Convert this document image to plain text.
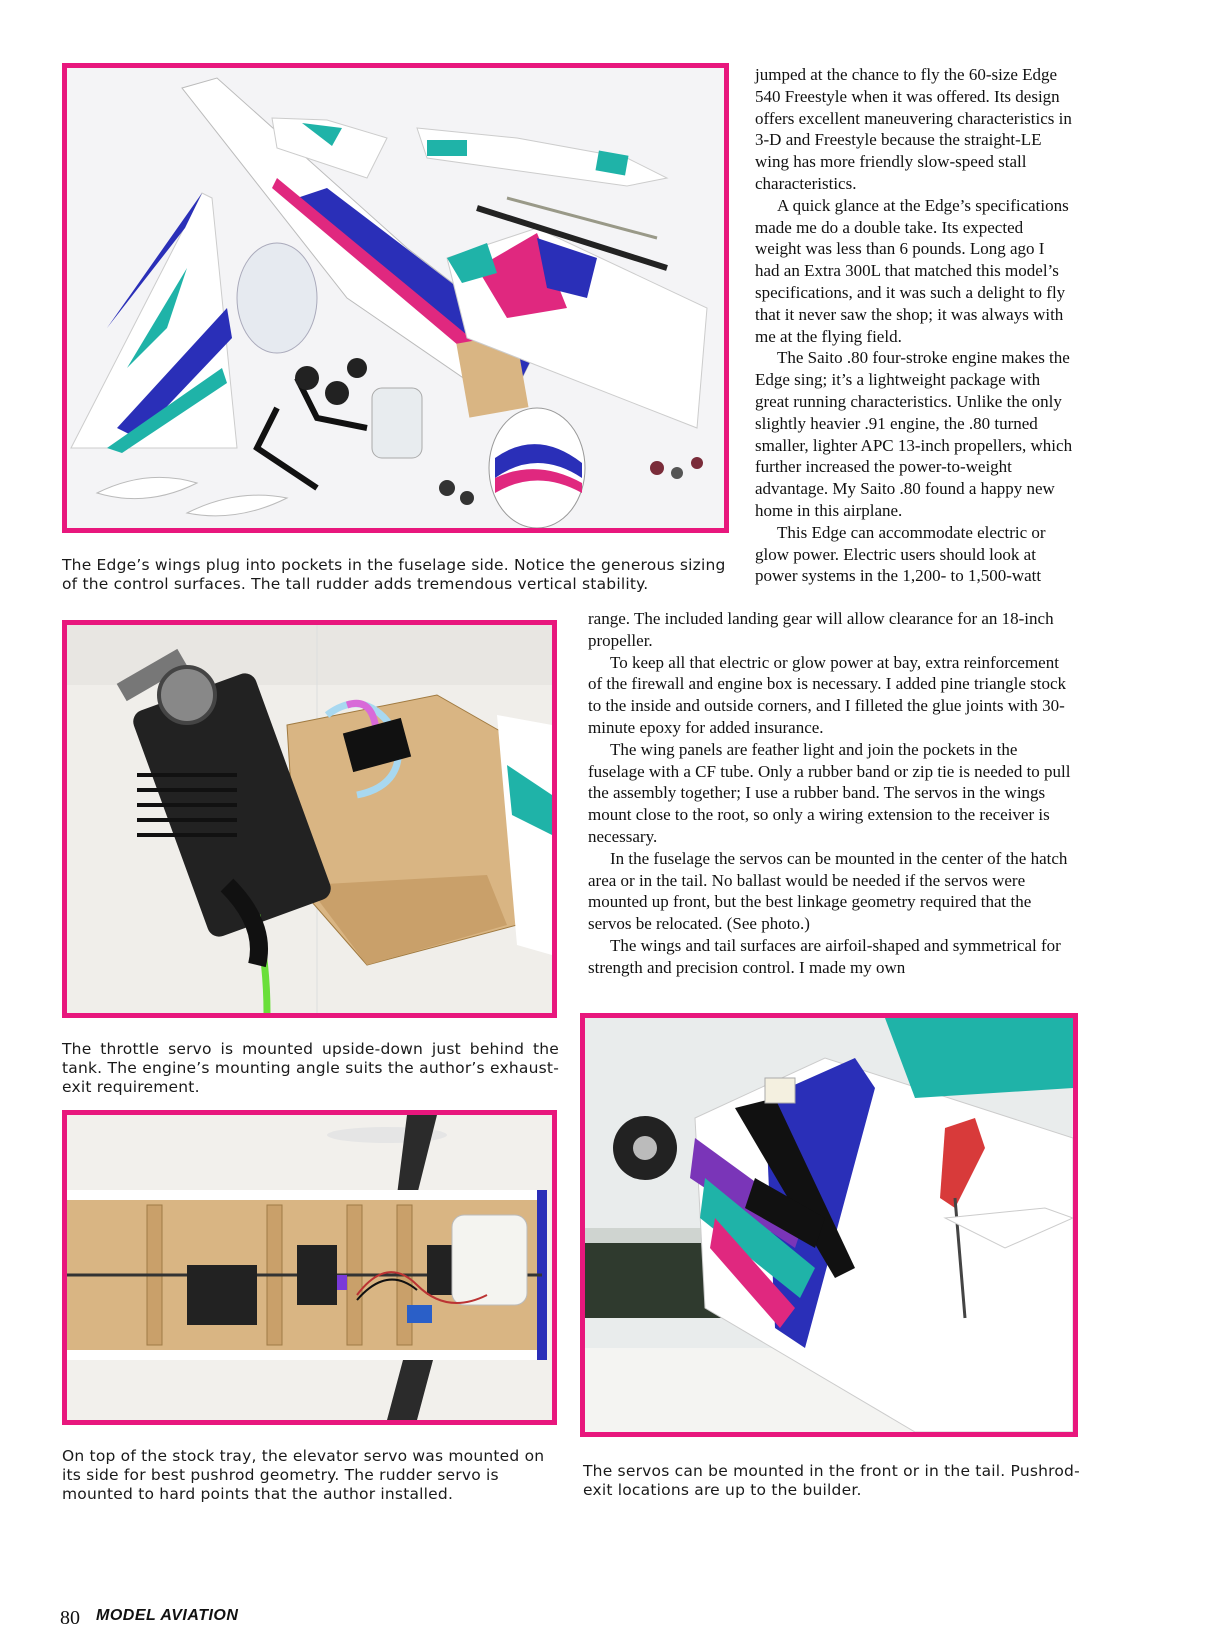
The Edge’s wings plug into pockets in the fuselage side. Notice the generous sizing of the control surfaces. The tall rudder adds tremendous vertical stability.
The throttle servo is mounted upside-down just behind the tank. The engine’s mounting angle suits the author’s exhaust-exit requirement.
On top of the stock tray, the elevator servo was mounted on its side for best pushrod geometry. The rudder servo is mounted to hard points that the author installed.
The servos can be mounted in the front or in the tail. Pushrod-exit locations are up to the builder.

jumped at the chance to fly the 60-size Edge 540 Freestyle when it was offered. Its design offers excellent maneuvering characteristics in 3-D and Freestyle because the straight-LE wing has more friendly slow-speed stall characteristics.

A quick glance at the Edge’s specifications made me do a double take. Its expected weight was less than 6 pounds. Long ago I had an Extra 300L that matched this model’s specifications, and it was such a delight to fly that it never saw the shop; it was always with me at the flying field.

The Saito .80 four-stroke engine makes the Edge sing; it’s a lightweight package with great running characteristics. Unlike the only slightly heavier .91 engine, the .80 turned smaller, lighter APC 13-inch propellers, which further increased the power-to-weight advantage. My Saito .80 found a happy new home in this airplane.

This Edge can accommodate electric or glow power. Electric users should look at power systems in the 1,200- to 1,500-watt

range. The included landing gear will allow clearance for an 18-inch propeller.

To keep all that electric or glow power at bay, extra reinforcement of the firewall and engine box is necessary. I added pine triangle stock to the inside and outside corners, and I filleted the glue joints with 30-minute epoxy for added insurance.

The wing panels are feather light and join the pockets in the fuselage with a CF tube. Only a rubber band or zip tie is needed to pull the assembly together; I use a rubber band. The servos in the wings mount close to the root, so only a wiring extension to the receiver is necessary.

In the fuselage the servos can be mounted in the center of the hatch area or in the tail. No ballast would be needed if the servos were mounted up front, but the best linkage geometry required that the servos be relocated. (See photo.)

The wings and tail surfaces are airfoil-shaped and symmetrical for strength and precision control. I made my own

80 MODEL AVIATION
